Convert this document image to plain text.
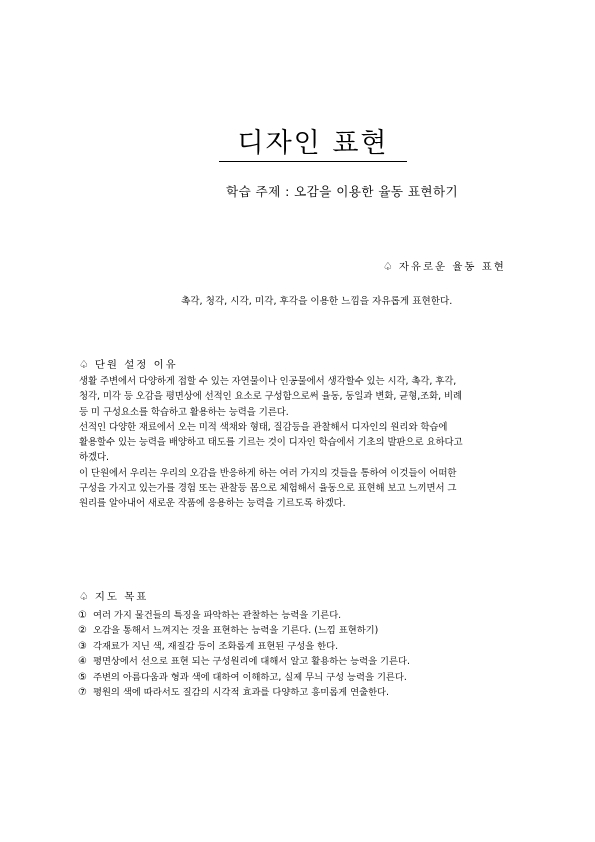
디자인 표현
학습 주제 : 오감을 이용한 율동 표현하기
♤ 자유로운 율동 표현
촉각, 청각, 시각, 미각, 후각을 이용한 느낌을 자유롭게 표현한다.
♤ 단원 설정 이유
생활 주변에서 다양하게 접할 수 있는 자연물이나 인공물에서 생각할수 있는 시각, 촉각, 후각,
청각, 미각 등 오감을 평면상에 선적인 요소로 구성함으로써 율동, 동일과 변화, 균형,조화, 비례
등 미 구성요소를 학습하고 활용하는 능력을 기른다.
선적인 다양한 재료에서 오는 미적 색채와 형태, 질감등을 관찰해서 디자인의 원리와 학습에
활용할수 있는 능력을 배양하고 태도를 기르는 것이 디자인 학습에서 기초의 발판으로 요하다고
하겠다.
이 단원에서 우리는 우리의 오감을 반응하게 하는 여러 가지의 것들을 통하여 이것들이 어떠한
구성을 가지고 있는가를 경험 또는 관찰등 몸으로 체험해서 율동으로 표현해 보고 느끼면서 그
원리를 알아내어 새로운 작품에 응용하는 능력을 기르도록 하겠다.
♤ 지도 목표
① 여러 가지 물건들의 특징을 파악하는 관찰하는 능력을 기른다.
② 오감을 통해서 느껴지는 것을 표현하는 능력을 기른다. (느낌 표현하기)
③ 각재료가 지닌 색, 재질감 등이 조화롭게 표현된 구성을 한다.
④ 평면상에서 선으로 표현 되는 구성원리에 대해서 알고 활용하는 능력을 기른다.
⑤ 주변의 아름다움과 형과 색에 대하여 이해하고, 실제 무늬 구성 능력을 기른다.
⑦ 평원의 색에 따라서도 질감의 시각적 효과를 다양하고 흥미롭게 연출한다.
